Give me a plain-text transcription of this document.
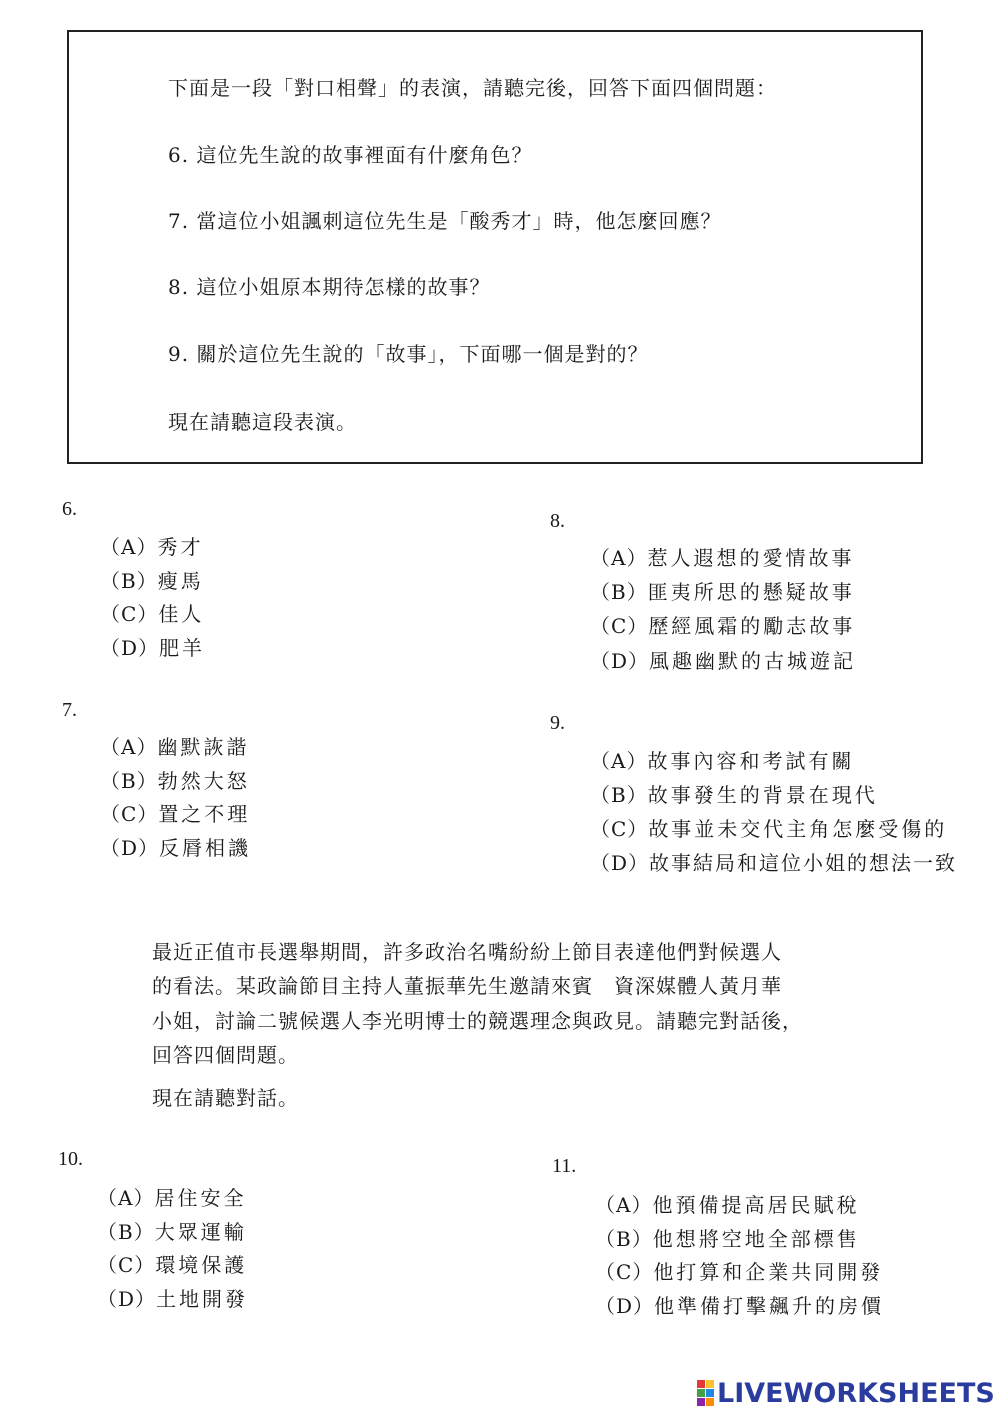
下面是一段「對口相聲」的表演，請聽完後，回答下面四個問題：
6. 這位先生說的故事裡面有什麼角色？
7. 當這位小姐諷刺這位先生是「酸秀才」時，他怎麼回應？
8. 這位小姐原本期待怎樣的故事？
9. 關於這位先生說的「故事」，下面哪一個是對的？
現在請聽這段表演。
6.
（A）秀才
（B）瘦馬
（C）佳人
（D）肥羊
8.
（A）惹人遐想的愛情故事
（B）匪夷所思的懸疑故事
（C）歷經風霜的勵志故事
（D）風趣幽默的古城遊記
7.
（A）幽默詼諧
（B）勃然大怒
（C）置之不理
（D）反脣相譏
9.
（A）故事內容和考試有關
（B）故事發生的背景在現代
（C）故事並未交代主角怎麼受傷的
（D）故事結局和這位小姐的想法一致
最近正值市長選舉期間，許多政治名嘴紛紛上節目表達他們對候選人
的看法。某政論節目主持人董振華先生邀請來賓　資深媒體人黃月華
小姐，討論二號候選人李光明博士的競選理念與政見。請聽完對話後，
回答四個問題。
現在請聽對話。
10.
（A）居住安全
（B）大眾運輸
（C）環境保護
（D）土地開發
11.
（A）他預備提高居民賦稅
（B）他想將空地全部標售
（C）他打算和企業共同開發
（D）他準備打擊飆升的房價
LIVEWORKSHEETS
